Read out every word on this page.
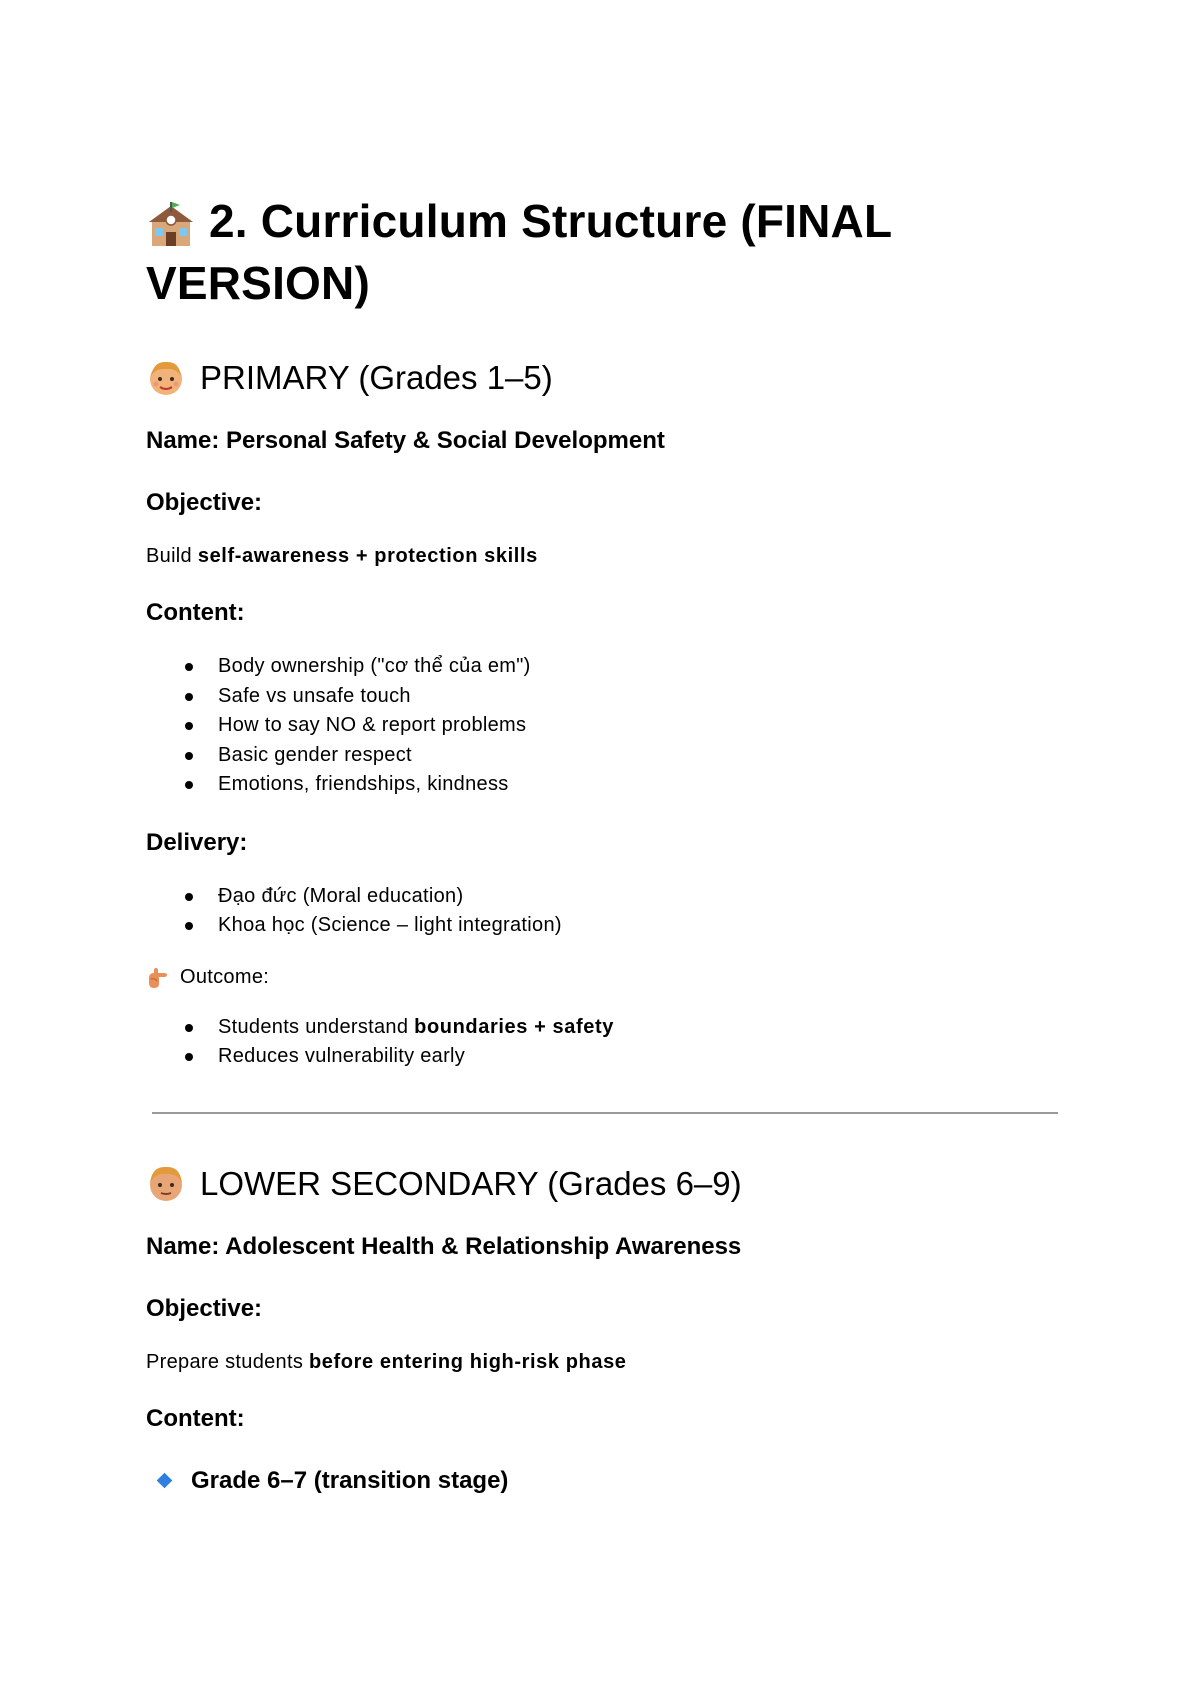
2. Curriculum Structure (FINAL VERSION)
PRIMARY (Grades 1–5)
Name: Personal Safety & Social Development
Objective:

Build self-awareness + protection skills

Content:
Body ownership ("cơ thể của em")
Safe vs unsafe touch
How to say NO & report problems
Basic gender respect
Emotions, friendships, kindness
Delivery:
Đạo đức (Moral education)
Khoa học (Science – light integration)
Outcome:
Students understand boundaries + safety
Reduces vulnerability early
LOWER SECONDARY (Grades 6–9)
Name: Adolescent Health & Relationship Awareness
Objective:

Prepare students before entering high-risk phase

Content:
Grade 6–7 (transition stage)
